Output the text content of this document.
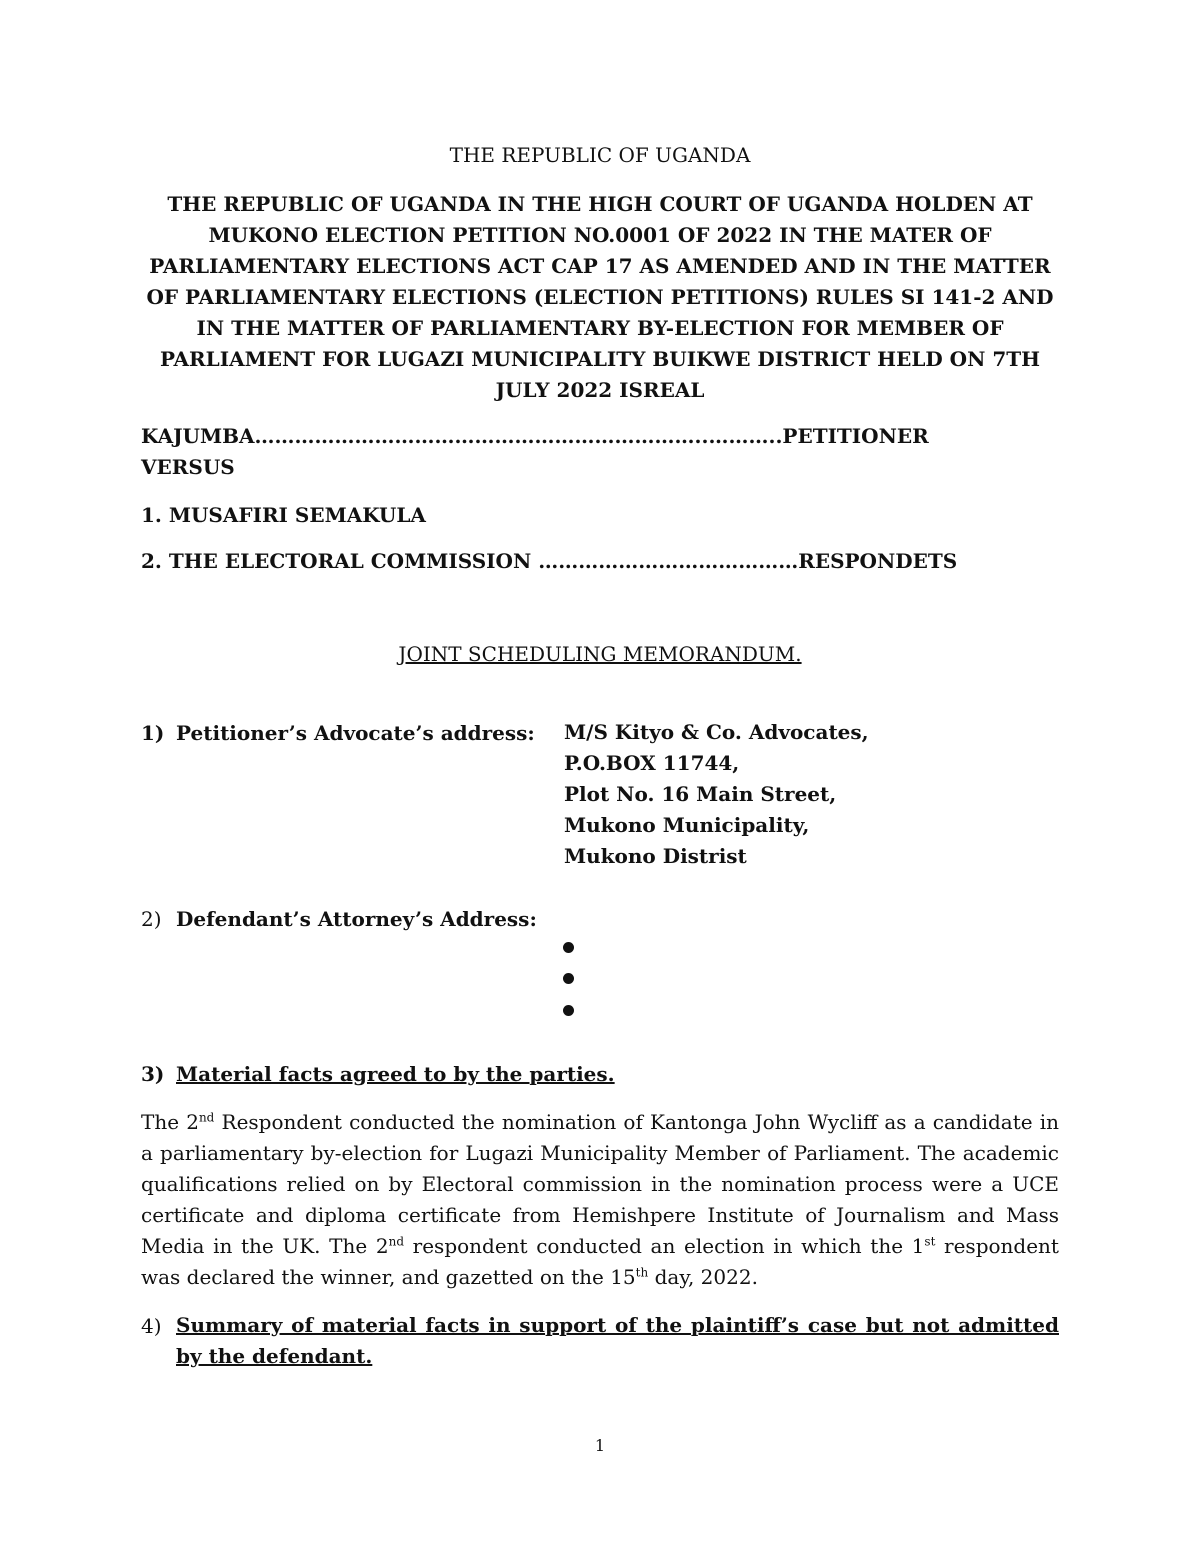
THE REPUBLIC OF UGANDA
THE REPUBLIC OF UGANDA IN THE HIGH COURT OF UGANDA HOLDEN AT
MUKONO ELECTION PETITION NO.0001 OF 2022 IN THE MATER OF
PARLIAMENTARY ELECTIONS ACT CAP 17 AS AMENDED AND IN THE MATTER
OF PARLIAMENTARY ELECTIONS (ELECTION PETITIONS) RULES SI 141-2 AND
IN THE MATTER OF PARLIAMENTARY BY-ELECTION FOR MEMBER OF
PARLIAMENT FOR LUGAZI MUNICIPALITY BUIKWE DISTRICT HELD ON 7TH
JULY 2022 ISREAL
KAJUMBA…………………………………………………………..………..PETITIONER
VERSUS
1. MUSAFIRI SEMAKULA
2. THE ELECTORAL COMMISSION …………………………………RESPONDETS
JOINT SCHEDULING MEMORANDUM.
1) Petitioner’s Advocate’s address: M/S Kityo & Co. Advocates,
P.O.BOX 11744,
Plot No. 16 Main Street,
Mukono Municipality,
Mukono Distrist
2) Defendant’s Attorney’s Address:
3) Material facts agreed to by the parties.

The 2nd Respondent conducted the nomination of Kantonga John Wycliff as a candidate in a parliamentary by-election for Lugazi Municipality Member of Parliament. The academic qualifications relied on by Electoral commission in the nomination process were a UCE certificate and diploma certificate from Hemishpere Institute of Journalism and Mass Media in the UK. The 2nd respondent conducted an election in which the 1st respondent was declared the winner, and gazetted on the 15th day, 2022.

4) Summary of material facts in support of the plaintiff’s case but not admitted by the defendant.
1
